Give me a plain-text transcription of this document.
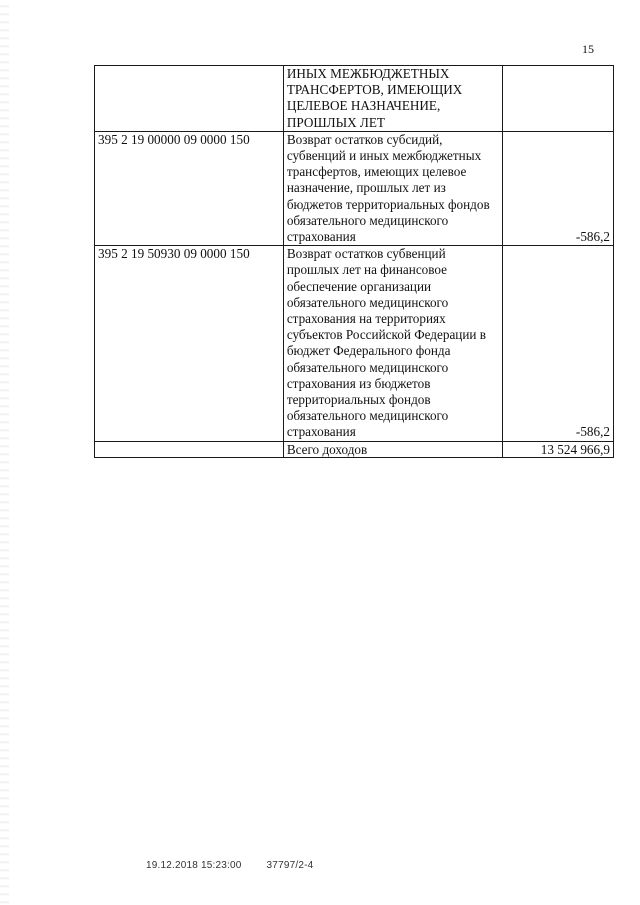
15
	ИНЫХ МЕЖБЮДЖЕТНЫХ ТРАНСФЕРТОВ, ИМЕЮЩИХ ЦЕЛЕВОЕ НАЗНАЧЕНИЕ, ПРОШЛЫХ ЛЕТ	
395 2 19 00000 09 0000 150	Возврат остатков субсидий, субвенций и иных межбюджетных трансфертов, имеющих целевое назначение, прошлых лет из бюджетов территориальных фондов обязательного медицинского страхования	-586,2
395 2 19 50930 09 0000 150	Возврат остатков субвенций прошлых лет на финансовое обеспечение организации обязательного медицинского страхования на территориях субъектов Российской Федерации в бюджет Федерального фонда обязательного медицинского страхования из бюджетов территориальных фондов обязательного медицинского страхования	-586,2
	Всего доходов	13 524 966,9
19.12.2018 15:23:00 37797/2-4
